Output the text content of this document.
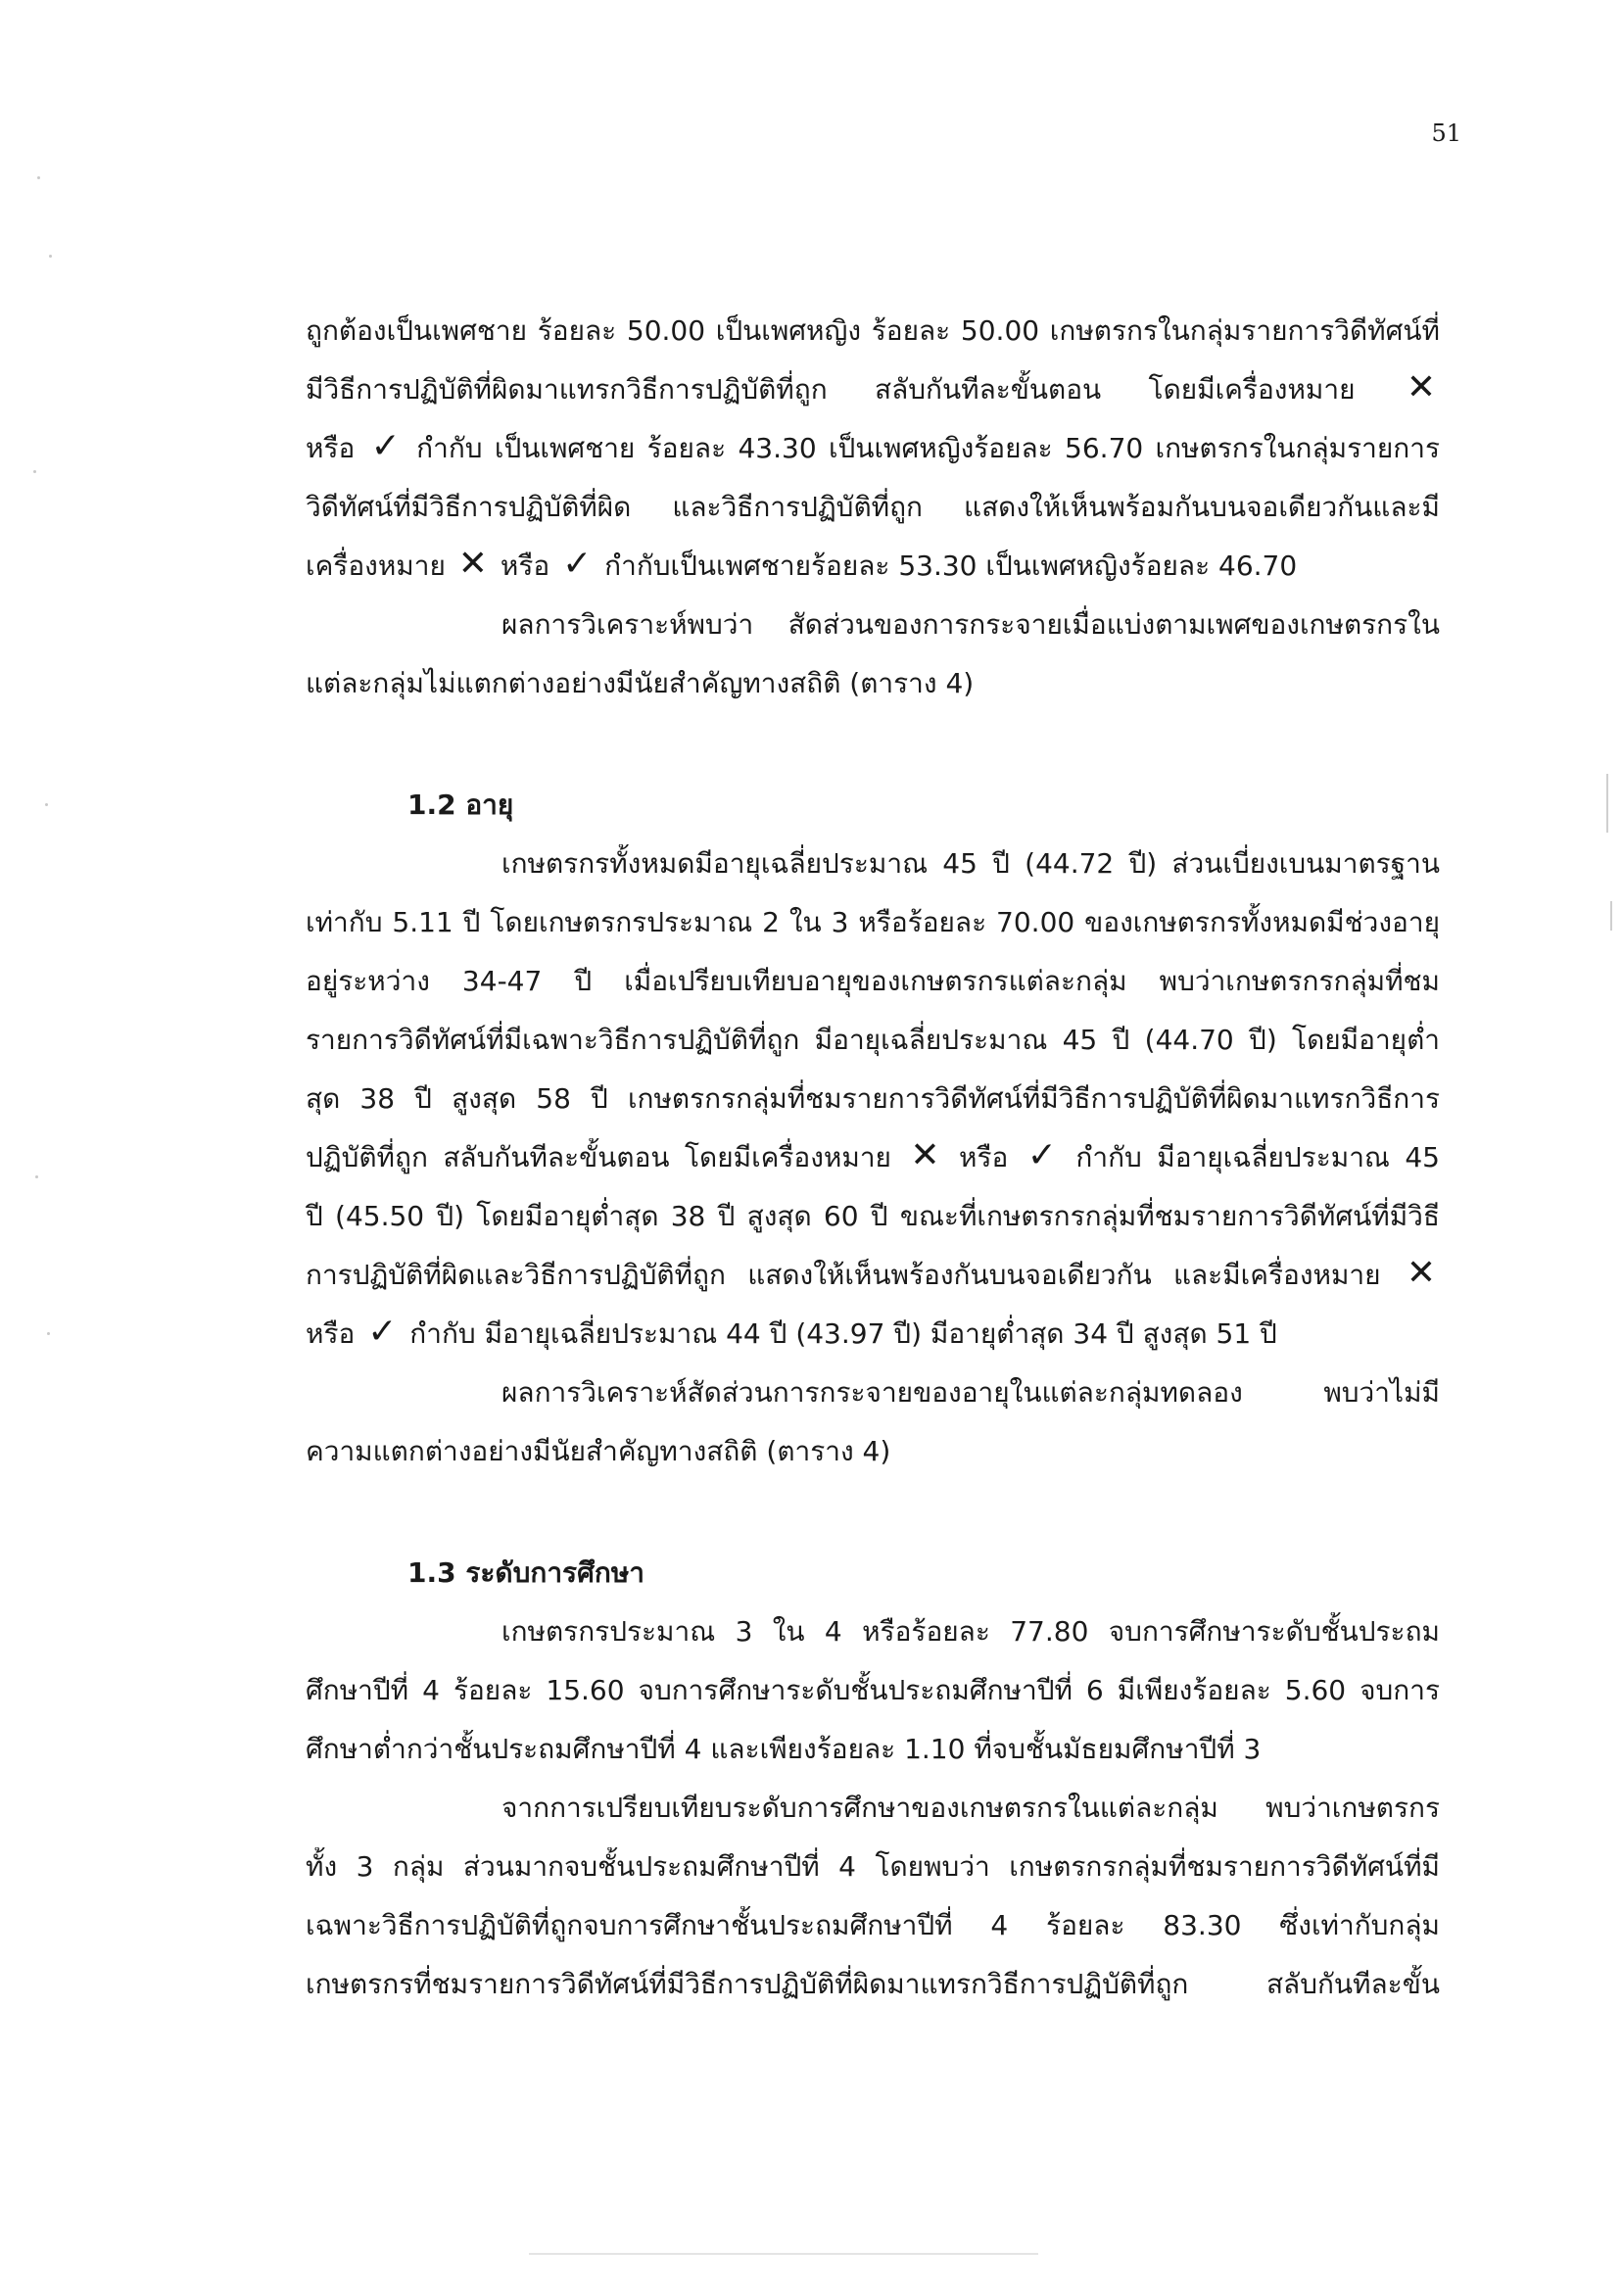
51
ถูกต้องเป็นเพศชาย ร้อยละ 50.00 เป็นเพศหญิง ร้อยละ 50.00 เกษตรกรในกลุ่มรายการวิดีทัศน์ที่
มีวิธีการปฏิบัติที่ผิดมาแทรกวิธีการปฏิบัติที่ถูก สลับกันทีละขั้นตอน โดยมีเครื่องหมาย ✕
หรือ ✓ กำกับ เป็นเพศชาย ร้อยละ 43.30 เป็นเพศหญิงร้อยละ 56.70 เกษตรกรในกลุ่มรายการ
วิดีทัศน์ที่มีวิธีการปฏิบัติที่ผิด และวิธีการปฏิบัติที่ถูก แสดงให้เห็นพร้อมกันบนจอเดียวกันและมี
เครื่องหมาย ✕ หรือ ✓ กำกับเป็นเพศชายร้อยละ 53.30 เป็นเพศหญิงร้อยละ 46.70
ผลการวิเคราะห์พบว่า สัดส่วนของการกระจายเมื่อแบ่งตามเพศของเกษตรกรใน
แต่ละกลุ่มไม่แตกต่างอย่างมีนัยสำคัญทางสถิติ (ตาราง 4)
1.2 อายุ
เกษตรกรทั้งหมดมีอายุเฉลี่ยประมาณ 45 ปี (44.72 ปี) ส่วนเบี่ยงเบนมาตรฐาน
เท่ากับ 5.11 ปี โดยเกษตรกรประมาณ 2 ใน 3 หรือร้อยละ 70.00 ของเกษตรกรทั้งหมดมีช่วงอายุ
อยู่ระหว่าง 34-47 ปี เมื่อเปรียบเทียบอายุของเกษตรกรแต่ละกลุ่ม พบว่าเกษตรกรกลุ่มที่ชม
รายการวิดีทัศน์ที่มีเฉพาะวิธีการปฏิบัติที่ถูก มีอายุเฉลี่ยประมาณ 45 ปี (44.70 ปี) โดยมีอายุต่ำ
สุด 38 ปี สูงสุด 58 ปี เกษตรกรกลุ่มที่ชมรายการวิดีทัศน์ที่มีวิธีการปฏิบัติที่ผิดมาแทรกวิธีการ
ปฏิบัติที่ถูก สลับกันทีละขั้นตอน โดยมีเครื่องหมาย ✕ หรือ ✓ กำกับ มีอายุเฉลี่ยประมาณ 45
ปี (45.50 ปี) โดยมีอายุต่ำสุด 38 ปี สูงสุด 60 ปี ขณะที่เกษตรกรกลุ่มที่ชมรายการวิดีทัศน์ที่มีวิธี
การปฏิบัติที่ผิดและวิธีการปฏิบัติที่ถูก แสดงให้เห็นพร้องกันบนจอเดียวกัน และมีเครื่องหมาย ✕
หรือ ✓ กำกับ มีอายุเฉลี่ยประมาณ 44 ปี (43.97 ปี) มีอายุต่ำสุด 34 ปี สูงสุด 51 ปี
ผลการวิเคราะห์สัดส่วนการกระจายของอายุในแต่ละกลุ่มทดลอง พบว่าไม่มี
ความแตกต่างอย่างมีนัยสำคัญทางสถิติ (ตาราง 4)
1.3 ระดับการศึกษา
เกษตรกรประมาณ 3 ใน 4 หรือร้อยละ 77.80 จบการศึกษาระดับชั้นประถม
ศึกษาปีที่ 4 ร้อยละ 15.60 จบการศึกษาระดับชั้นประถมศึกษาปีที่ 6 มีเพียงร้อยละ 5.60 จบการ
ศึกษาต่ำกว่าชั้นประถมศึกษาปีที่ 4 และเพียงร้อยละ 1.10 ที่จบชั้นมัธยมศึกษาปีที่ 3
จากการเปรียบเทียบระดับการศึกษาของเกษตรกรในแต่ละกลุ่ม พบว่าเกษตรกร
ทั้ง 3 กลุ่ม ส่วนมากจบชั้นประถมศึกษาปีที่ 4 โดยพบว่า เกษตรกรกลุ่มที่ชมรายการวิดีทัศน์ที่มี
เฉพาะวิธีการปฏิบัติที่ถูกจบการศึกษาชั้นประถมศึกษาปีที่ 4 ร้อยละ 83.30 ซึ่งเท่ากับกลุ่ม
เกษตรกรที่ชมรายการวิดีทัศน์ที่มีวิธีการปฏิบัติที่ผิดมาแทรกวิธีการปฏิบัติที่ถูก สลับกันทีละขั้น
